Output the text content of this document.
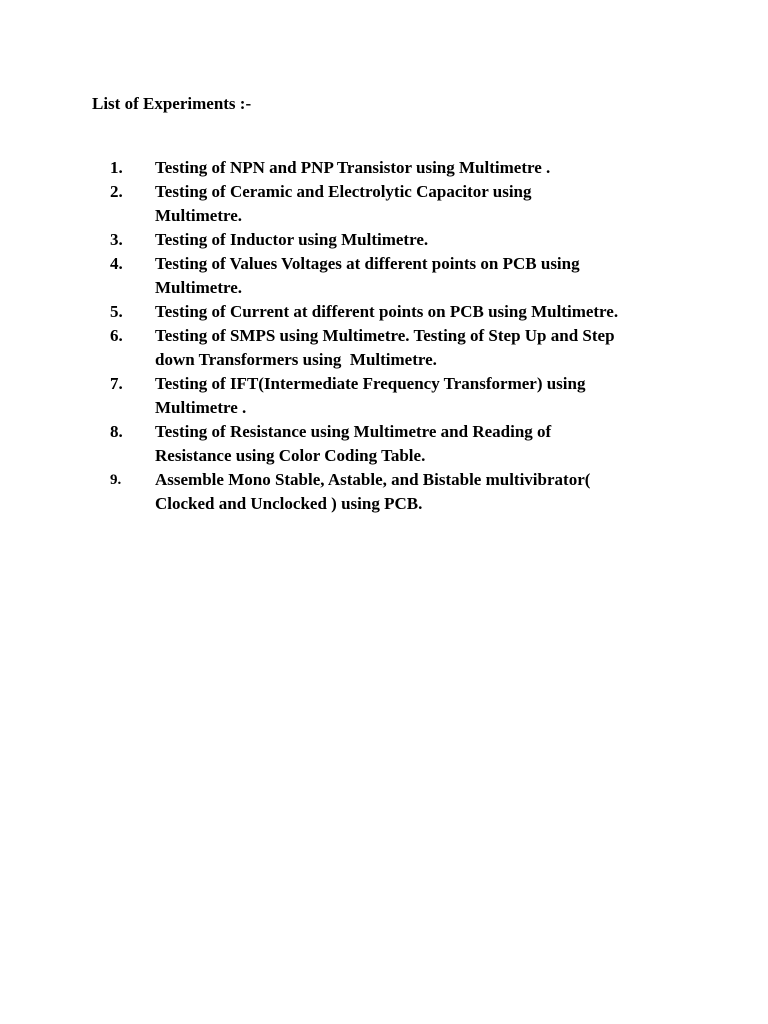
List of Experiments :-
1.	Testing of NPN and PNP Transistor using Multimetre .
2.	Testing of Ceramic and Electrolytic Capacitor using
Multimetre.
3.	Testing of Inductor using Multimetre.
4.	Testing of Values Voltages at different points on PCB using
Multimetre.
5.	Testing of Current at different points on PCB using Multimetre.
6.	Testing of SMPS using Multimetre. Testing of Step Up and Step
down Transformers using  Multimetre.
7.	Testing of IFT(Intermediate Frequency Transformer) using
Multimetre .
8.	Testing of Resistance using Multimetre and Reading of
Resistance using Color Coding Table.
9.	Assemble Mono Stable, Astable, and Bistable multivibrator(
Clocked and Unclocked ) using PCB.
